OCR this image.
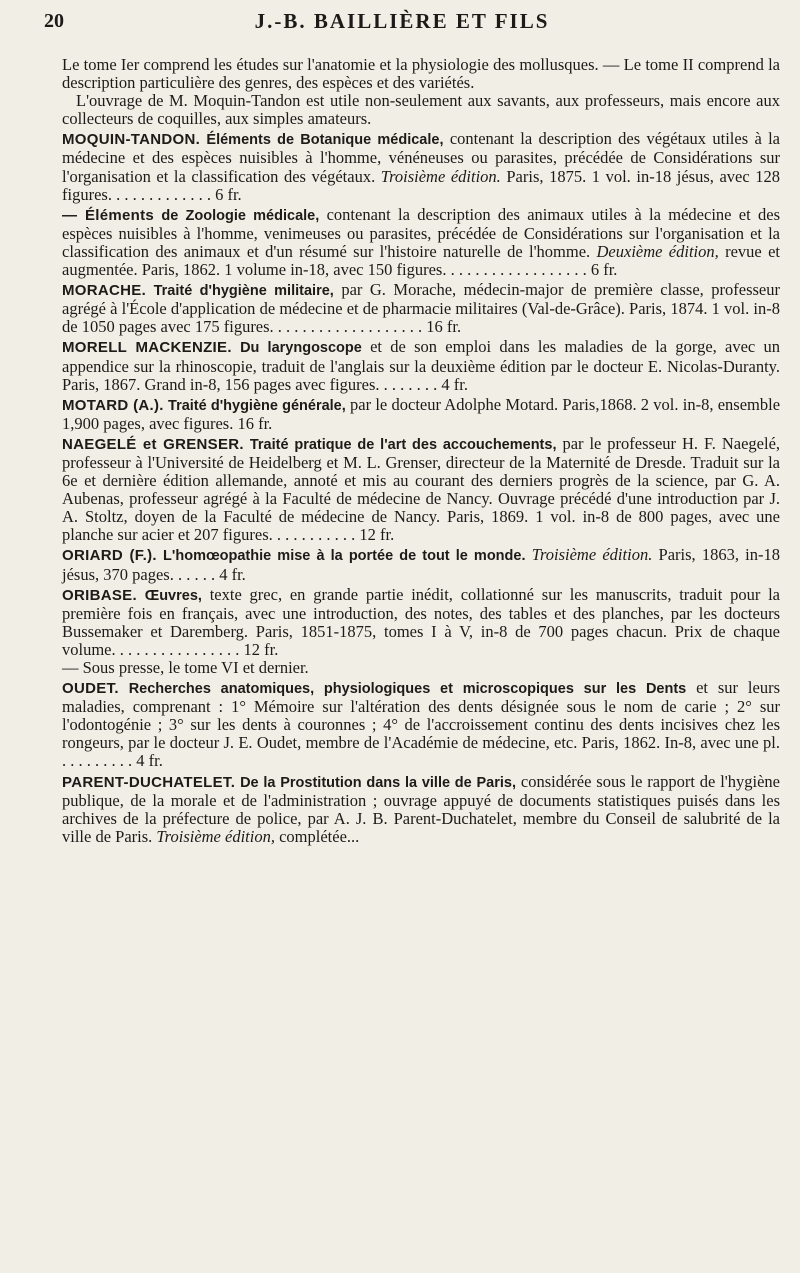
20	J.-B. BAILLIÈRE ET FILS

Le tome Ier comprend les études sur l'anatomie et la physiologie des mollusques. — Le tome II comprend la description particulière des genres, des espèces et des variétés.

L'ouvrage de M. Moquin-Tandon est utile non-seulement aux savants, aux professeurs, mais encore aux collecteurs de coquilles, aux simples amateurs.

MOQUIN-TANDON. Éléments de Botanique médicale, contenant la description des végétaux utiles à la médecine et des espèces nuisibles à l'homme, vénéneuses ou parasites, précédée de Considérations sur l'organisation et la classification des végétaux. Troisième édition. Paris, 1875. 1 vol. in-18 jésus, avec 128 figures. . . . . . . . . . . . . 6 fr.

— Éléments de Zoologie médicale, contenant la description des animaux utiles à la médecine et des espèces nuisibles à l'homme, venimeuses ou parasites, précédée de Considérations sur l'organisation et la classification des animaux et d'un résumé sur l'histoire naturelle de l'homme. Deuxième édition, revue et augmentée. Paris, 1862. 1 volume in-18, avec 150 figures. . . . . . . . . . . . . . . . . . 6 fr.

MORACHE. Traité d'hygiène militaire, par G. Morache, médecin-major de première classe, professeur agrégé à l'École d'application de médecine et de pharmacie militaires (Val-de-Grâce). Paris, 1874. 1 vol. in-8 de 1050 pages avec 175 figures. . . . . . . . . . . . . . . . . . . 16 fr.

MORELL MACKENZIE. Du laryngoscope et de son emploi dans les maladies de la gorge, avec un appendice sur la rhinoscopie, traduit de l'anglais sur la deuxième édition par le docteur E. Nicolas-Duranty. Paris, 1867. Grand in-8, 156 pages avec figures. . . . . . . . 4 fr.

MOTARD (A.). Traité d'hygiène générale, par le docteur Adolphe Motard. Paris,1868. 2 vol. in-8, ensemble 1,900 pages, avec figures. 16 fr.

NAEGELÉ et GRENSER. Traité pratique de l'art des accouchements, par le professeur H. F. Naegelé, professeur à l'Université de Heidelberg et M. L. Grenser, directeur de la Maternité de Dresde. Traduit sur la 6e et dernière édition allemande, annoté et mis au courant des derniers progrès de la science, par G. A. Aubenas, professeur agrégé à la Faculté de médecine de Nancy. Ouvrage précédé d'une introduction par J. A. Stoltz, doyen de la Faculté de médecine de Nancy. Paris, 1869. 1 vol. in-8 de 800 pages, avec une planche sur acier et 207 figures. . . . . . . . . . . 12 fr.

ORIARD (F.). L'homœopathie mise à la portée de tout le monde. Troisième édition. Paris, 1863, in-18 jésus, 370 pages. . . . . . 4 fr.

ORIBASE. Œuvres, texte grec, en grande partie inédit, collationné sur les manuscrits, traduit pour la première fois en français, avec une introduction, des notes, des tables et des planches, par les docteurs Bussemaker et Daremberg. Paris, 1851-1875, tomes I à V, in-8 de 700 pages chacun. Prix de chaque volume. . . . . . . . . . . . . . . . 12 fr.

— Sous presse, le tome VI et dernier.

OUDET. Recherches anatomiques, physiologiques et microscopiques sur les Dents et sur leurs maladies, comprenant : 1° Mémoire sur l'altération des dents désignée sous le nom de carie ; 2° sur l'odontogénie ; 3° sur les dents à couronnes ; 4° de l'accroissement continu des dents incisives chez les rongeurs, par le docteur J. E. Oudet, membre de l'Académie de médecine, etc. Paris, 1862. In-8, avec une pl. . . . . . . . . . 4 fr.

PARENT-DUCHATELET. De la Prostitution dans la ville de Paris, considérée sous le rapport de l'hygiène publique, de la morale et de l'administration ; ouvrage appuyé de documents statistiques puisés dans les archives de la préfecture de police, par A. J. B. Parent-Duchatelet, membre du Conseil de salubrité de la ville de Paris. Troisième édition, complétée...
